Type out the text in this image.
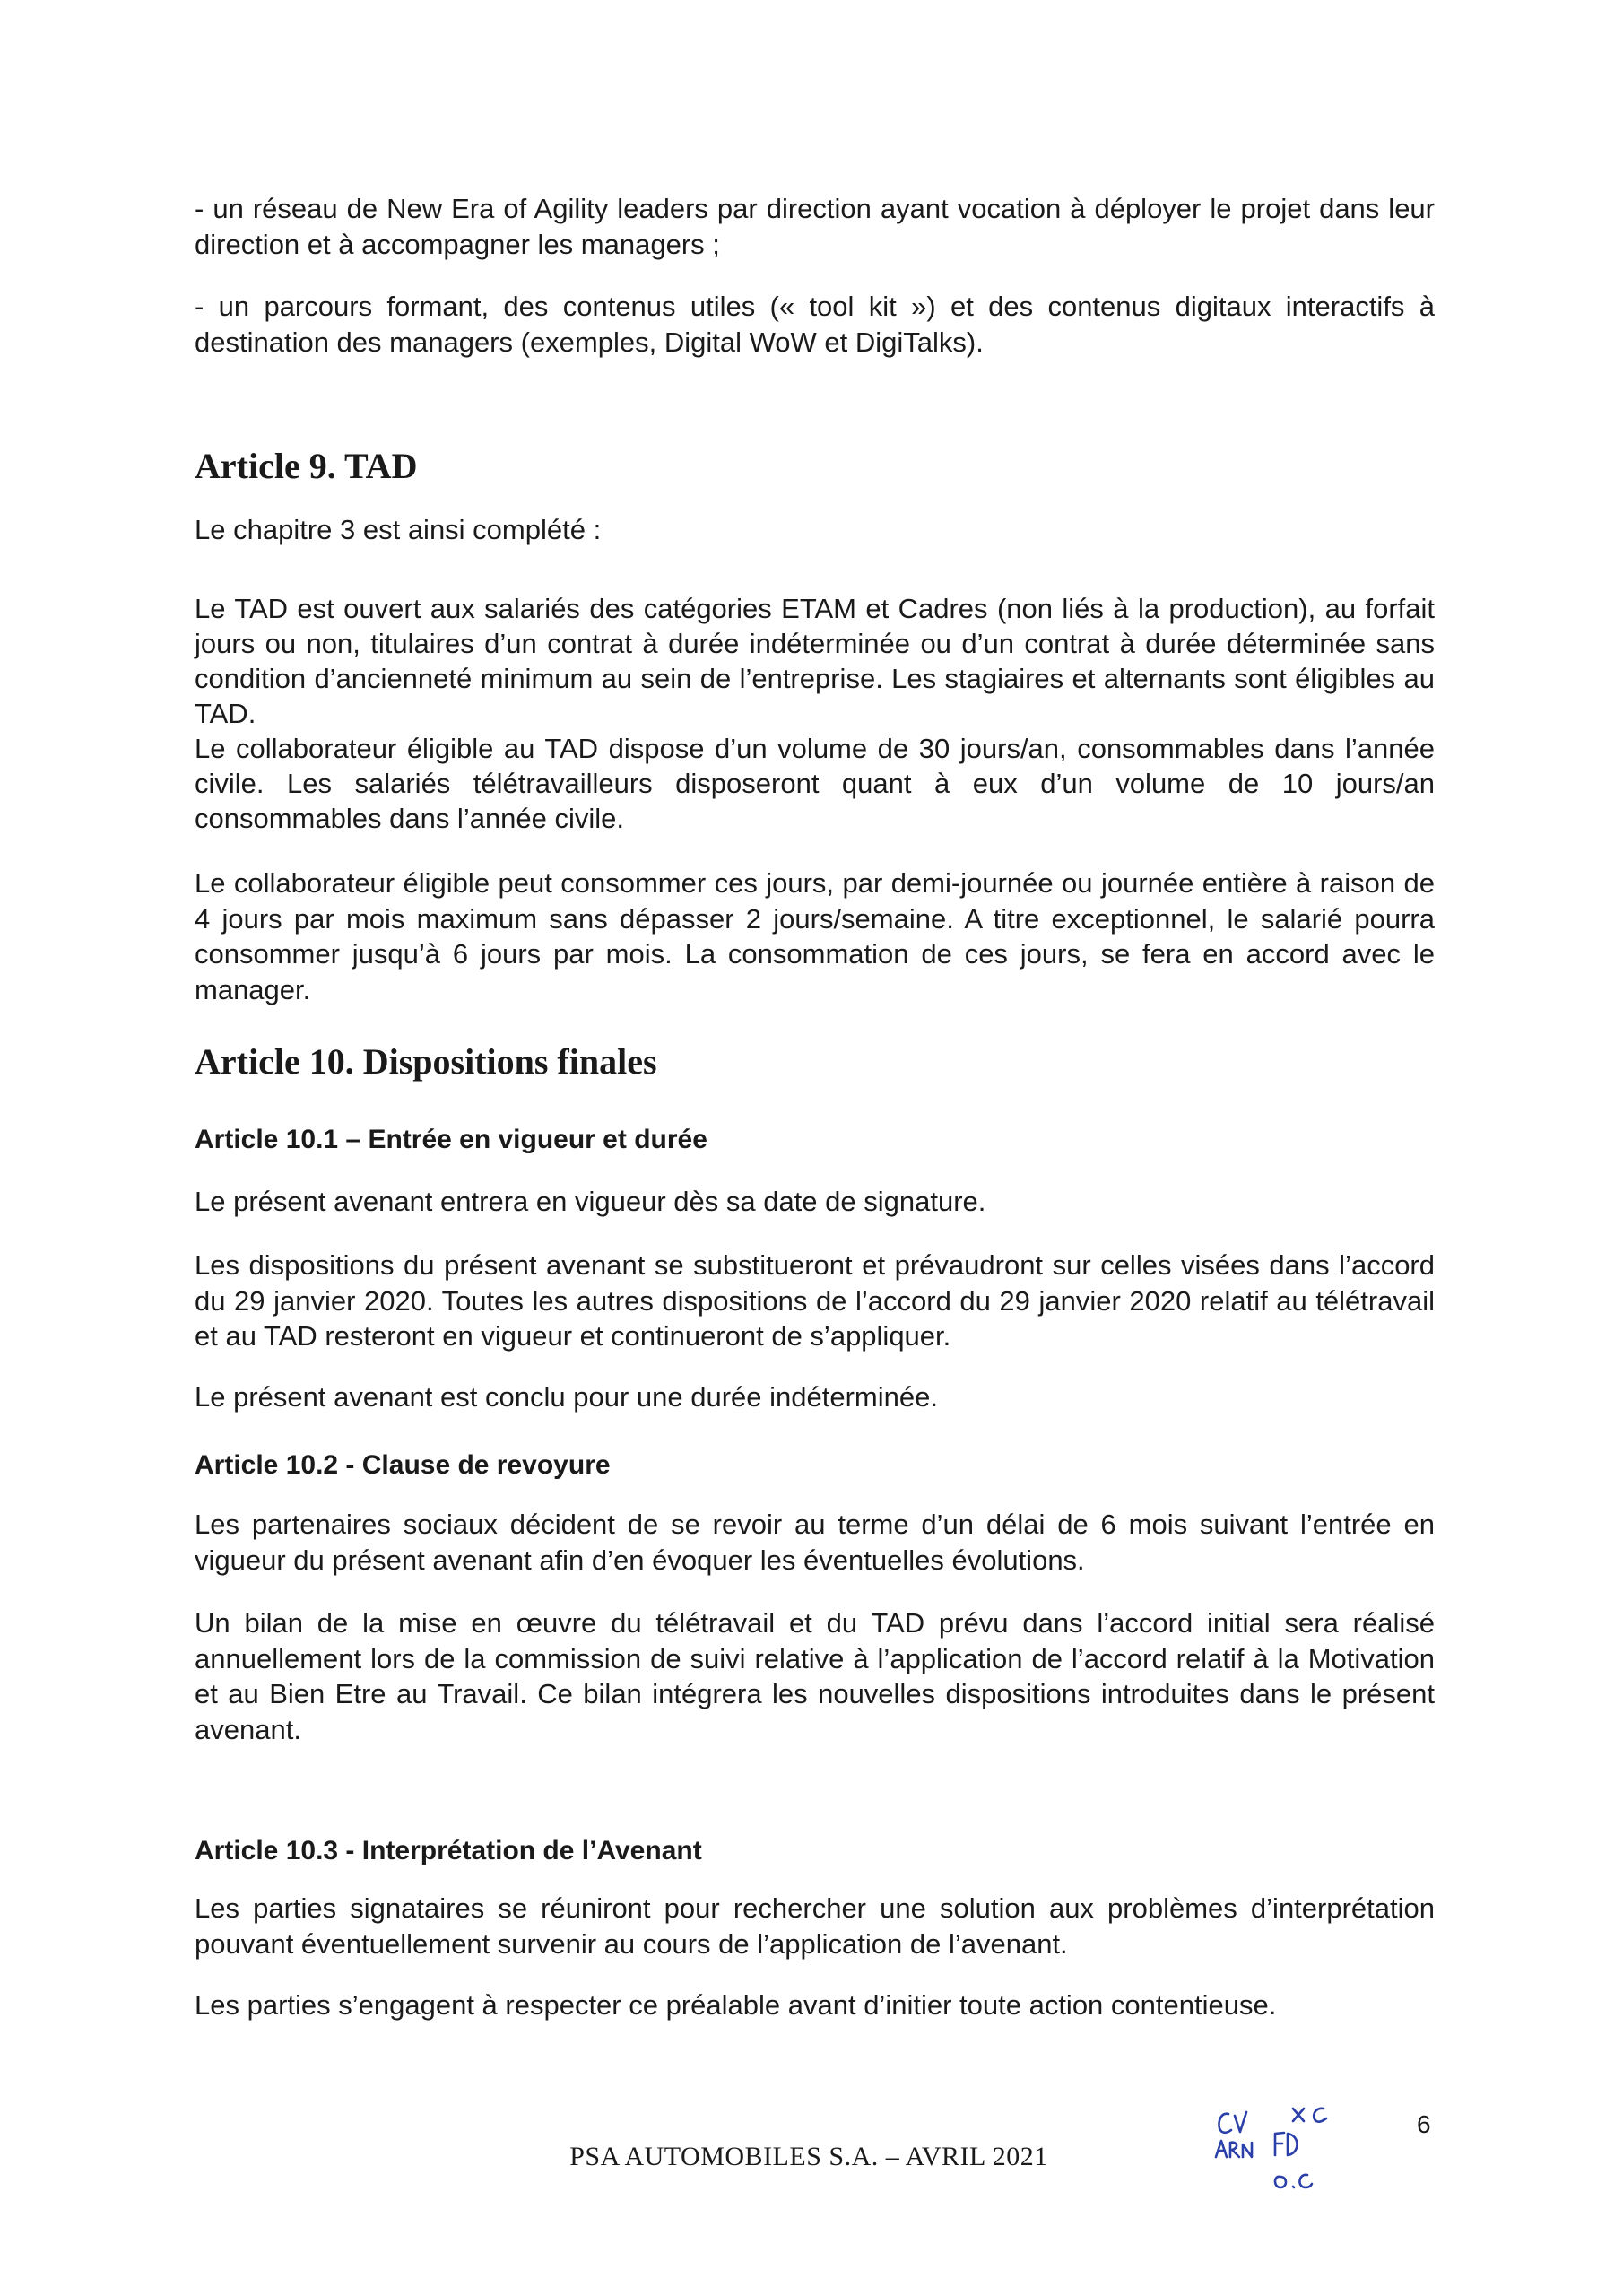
- un réseau de New Era of Agility leaders par direction ayant vocation à déployer le projet dans leur direction et à accompagner les managers ;

- un parcours formant, des contenus utiles (« tool kit ») et des contenus digitaux interactifs à destination des managers (exemples, Digital WoW et DigiTalks).

Article 9. TAD

Le chapitre 3 est ainsi complété :

Le TAD est ouvert aux salariés des catégories ETAM et Cadres (non liés à la production), au forfait jours ou non, titulaires d’un contrat à durée indéterminée ou d’un contrat à durée déterminée sans condition d’ancienneté minimum au sein de l’entreprise. Les stagiaires et alternants sont éligibles au TAD.
Le collaborateur éligible au TAD dispose d’un volume de 30 jours/an, consommables dans l’année civile. Les salariés télétravailleurs disposeront quant à eux d’un volume de 10 jours/an consommables dans l’année civile.

Le collaborateur éligible peut consommer ces jours, par demi-journée ou journée entière à raison de 4 jours par mois maximum sans dépasser 2 jours/semaine. A titre exceptionnel, le salarié pourra consommer jusqu’à 6 jours par mois. La consommation de ces jours, se fera en accord avec le manager.

Article 10. Dispositions finales
Article 10.1 – Entrée en vigueur et durée

Le présent avenant entrera en vigueur dès sa date de signature.

Les dispositions du présent avenant se substitueront et prévaudront sur celles visées dans l’accord du 29 janvier 2020. Toutes les autres dispositions de l’accord du 29 janvier 2020 relatif au télétravail et au TAD resteront en vigueur et continueront de s’appliquer.

Le présent avenant est conclu pour une durée indéterminée.

Article 10.2 - Clause de revoyure

Les partenaires sociaux décident de se revoir au terme d’un délai de 6 mois suivant l’entrée en vigueur du présent avenant afin d’en évoquer les éventuelles évolutions.

Un bilan de la mise en œuvre du télétravail et du TAD prévu dans l’accord initial sera réalisé annuellement lors de la commission de suivi relative à l’application de l’accord relatif à la Motivation et au Bien Etre au Travail. Ce bilan intégrera les nouvelles dispositions introduites dans le présent avenant.

Article 10.3 - Interprétation de l’Avenant

Les parties signataires se réuniront pour rechercher une solution aux problèmes d’interprétation pouvant éventuellement survenir au cours de l’application de l’avenant.

Les parties s’engagent à respecter ce préalable avant d’initier toute action contentieuse.

PSA AUTOMOBILES S.A. – AVRIL 2021

6
